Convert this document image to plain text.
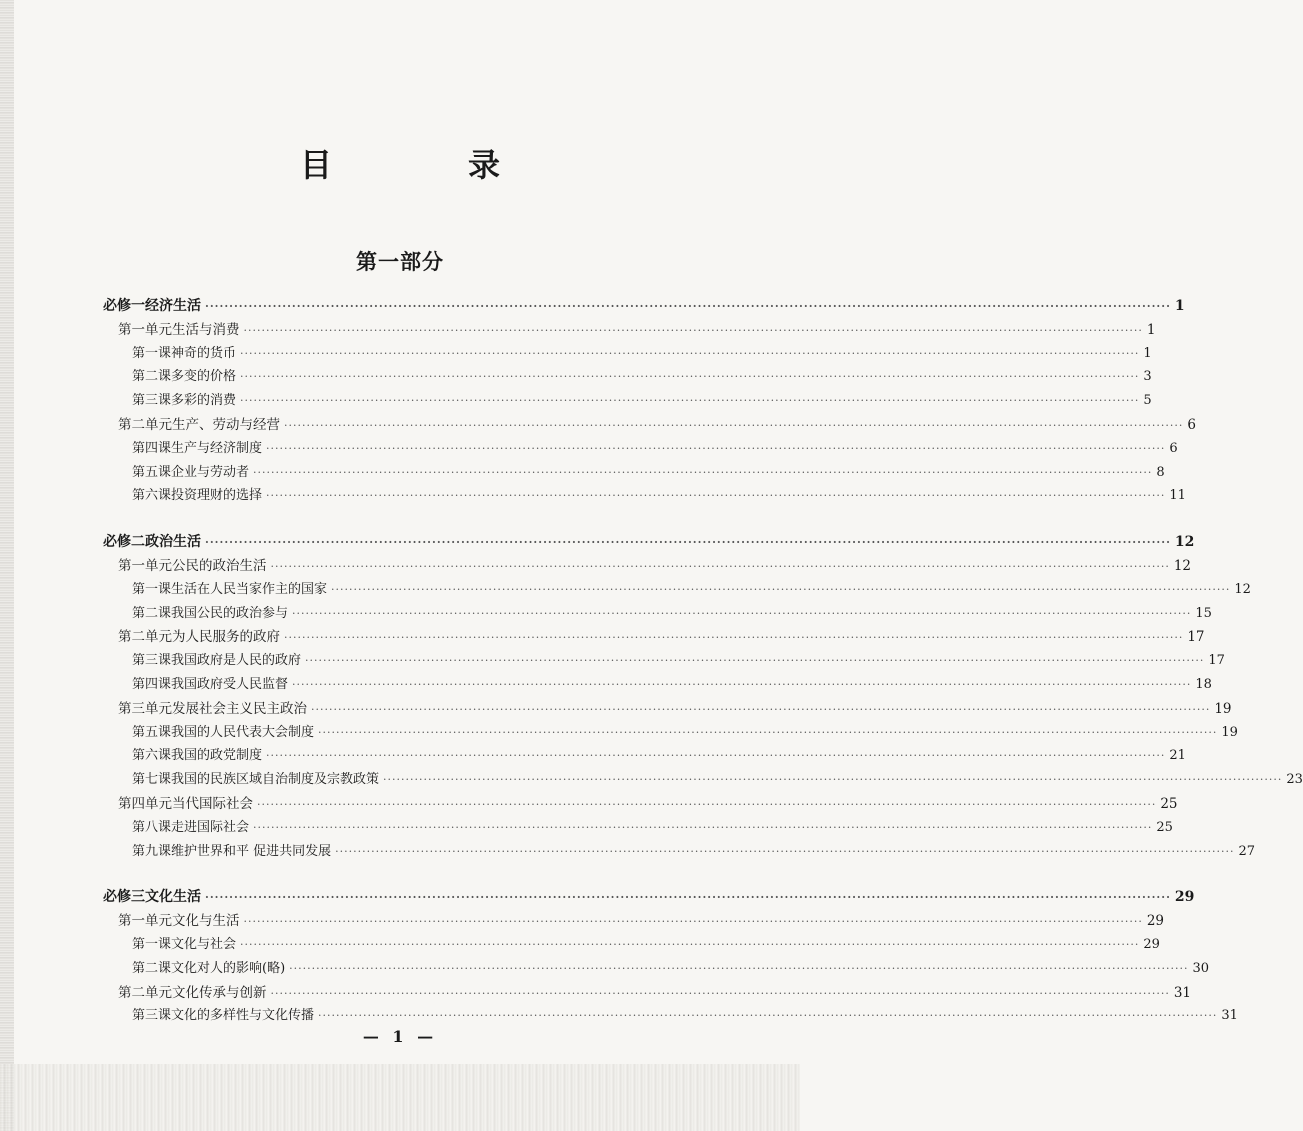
目　录
第一部分
必修一 经济生活 ········································································································································································································ 1
第一单元 生活与消费 ········································································································································································································ 1
第一课 神奇的货币 ········································································································································································································ 1
第二课 多变的价格 ········································································································································································································ 3
第三课 多彩的消费 ········································································································································································································ 5
第二单元 生产、劳动与经营 ········································································································································································································ 6
第四课 生产与经济制度 ········································································································································································································ 6
第五课 企业与劳动者 ········································································································································································································ 8
第六课 投资理财的选择 ········································································································································································································ 11
必修二 政治生活 ········································································································································································································ 12
第一单元 公民的政治生活 ········································································································································································································ 12
第一课 生活在人民当家作主的国家 ········································································································································································································ 12
第二课 我国公民的政治参与 ········································································································································································································ 15
第二单元 为人民服务的政府 ········································································································································································································ 17
第三课 我国政府是人民的政府 ········································································································································································································ 17
第四课 我国政府受人民监督 ········································································································································································································ 18
第三单元 发展社会主义民主政治 ········································································································································································································ 19
第五课 我国的人民代表大会制度 ········································································································································································································ 19
第六课 我国的政党制度 ········································································································································································································ 21
第七课 我国的民族区域自治制度及宗教政策 ········································································································································································································ 23
第四单元 当代国际社会 ········································································································································································································ 25
第八课 走进国际社会 ········································································································································································································ 25
第九课 维护世界和平 促进共同发展 ········································································································································································································ 27
必修三 文化生活 ········································································································································································································ 29
第一单元 文化与生活 ········································································································································································································ 29
第一课 文化与社会 ········································································································································································································ 29
第二课 文化对人的影响(略) ········································································································································································································ 30
第二单元 文化传承与创新 ········································································································································································································ 31
第三课 文化的多样性与文化传播 ········································································································································································································ 31
— 1 —
